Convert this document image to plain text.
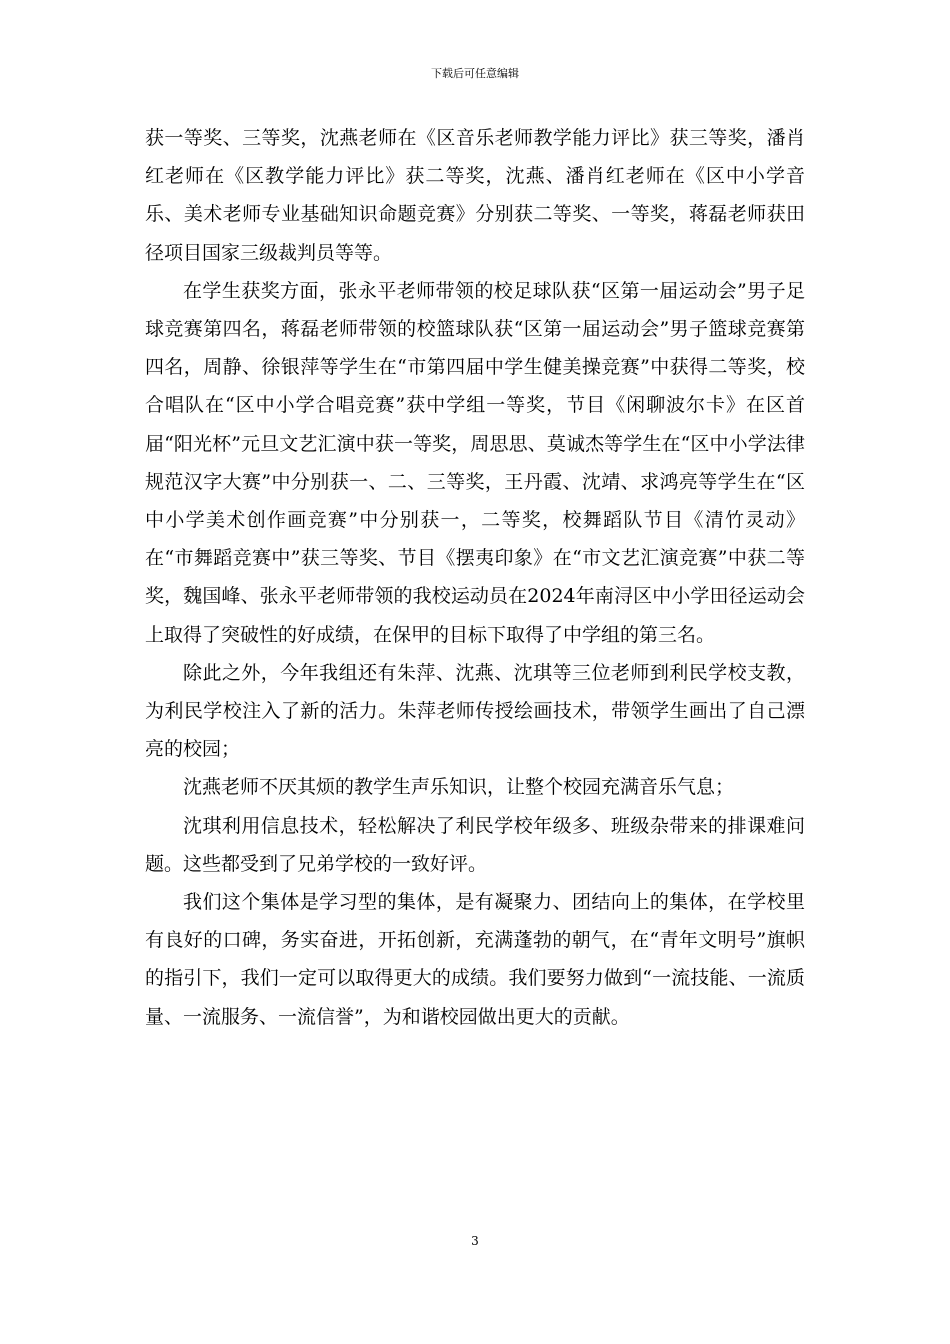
下载后可任意编辑

获一等奖、三等奖，沈燕老师在《区音乐老师教学能力评比》获三等奖，潘肖红老师在《区教学能力评比》获二等奖，沈燕、潘肖红老师在《区中小学音乐、美术老师专业基础知识命题竞赛》分别获二等奖、一等奖，蒋磊老师获田径项目国家三级裁判员等等。

在学生获奖方面，张永平老师带领的校足球队获“区第一届运动会”男子足球竞赛第四名，蒋磊老师带领的校篮球队获“区第一届运动会”男子篮球竞赛第四名，周静、徐银萍等学生在“市第四届中学生健美操竞赛”中获得二等奖，校合唱队在“区中小学合唱竞赛”获中学组一等奖，节目《闲聊波尔卡》在区首届“阳光杯”元旦文艺汇演中获一等奖，周思思、莫诚杰等学生在“区中小学法律规范汉字大赛”中分别获一、二、三等奖，王丹霞、沈靖、求鸿亮等学生在“区中小学美术创作画竞赛”中分别获一，二等奖，校舞蹈队节目《清竹灵动》在“市舞蹈竞赛中”获三等奖、节目《摆夷印象》在“市文艺汇演竞赛”中获二等奖，魏国峰、张永平老师带领的我校运动员在2024年南浔区中小学田径运动会上取得了突破性的好成绩，在保甲的目标下取得了中学组的第三名。

除此之外，今年我组还有朱萍、沈燕、沈琪等三位老师到利民学校支教，为利民学校注入了新的活力。朱萍老师传授绘画技术，带领学生画出了自己漂亮的校园；

沈燕老师不厌其烦的教学生声乐知识，让整个校园充满音乐气息；

沈琪利用信息技术，轻松解决了利民学校年级多、班级杂带来的排课难问题。这些都受到了兄弟学校的一致好评。

我们这个集体是学习型的集体，是有凝聚力、团结向上的集体，在学校里有良好的口碑，务实奋进，开拓创新，充满蓬勃的朝气，在“青年文明号”旗帜的指引下，我们一定可以取得更大的成绩。我们要努力做到“一流技能、一流质量、一流服务、一流信誉”，为和谐校园做出更大的贡献。

3
